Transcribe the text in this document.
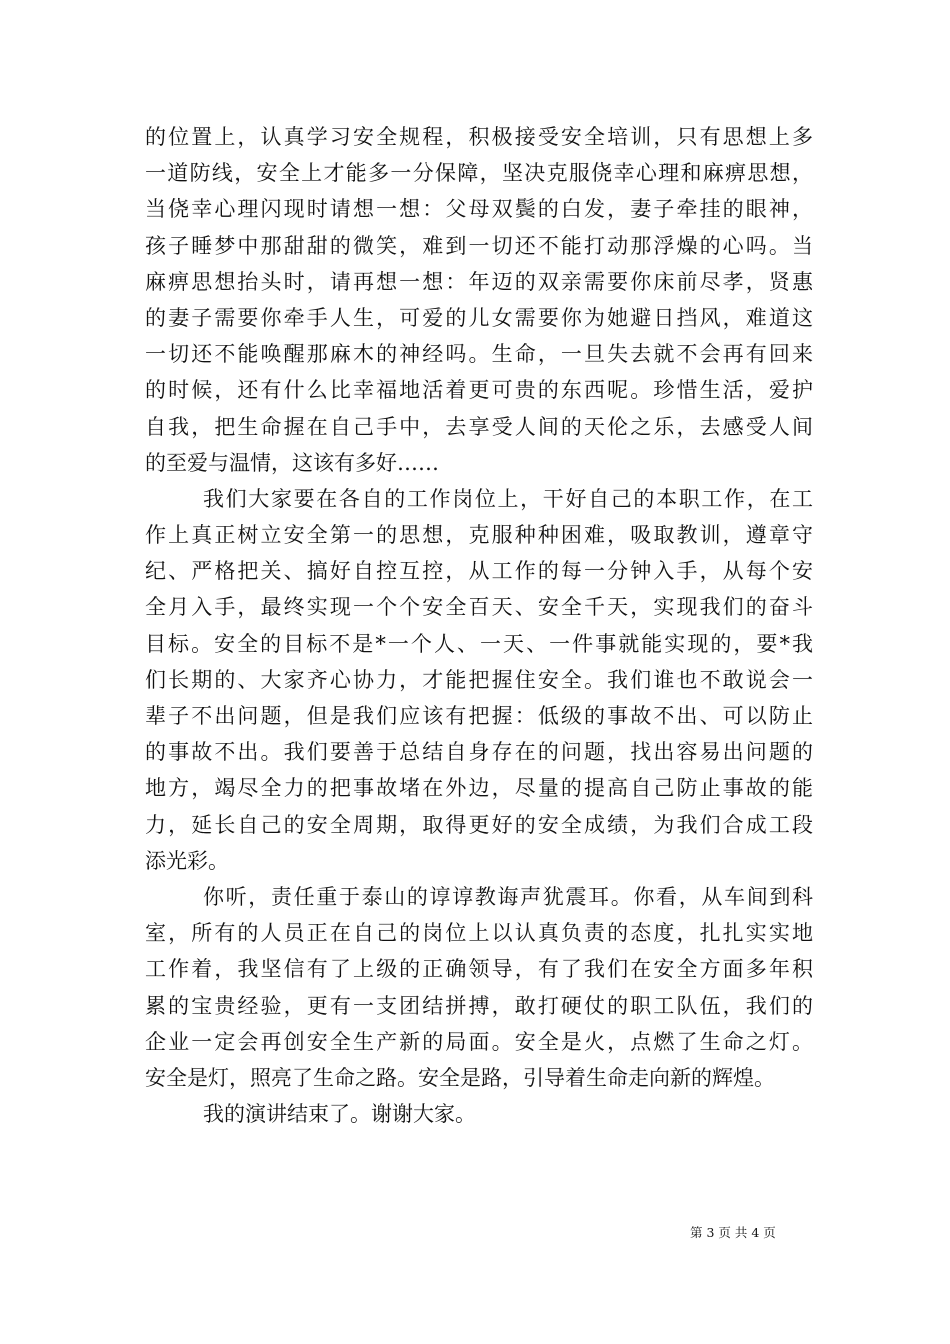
的位置上，认真学习安全规程，积极接受安全培训，只有思想上多
一道防线，安全上才能多一分保障，坚决克服侥幸心理和麻痹思想，
当侥幸心理闪现时请想一想：父母双鬓的白发，妻子牵挂的眼神，
孩子睡梦中那甜甜的微笑，难到一切还不能打动那浮燥的心吗。当
麻痹思想抬头时，请再想一想：年迈的双亲需要你床前尽孝，贤惠
的妻子需要你牵手人生，可爱的儿女需要你为她避日挡风，难道这
一切还不能唤醒那麻木的神经吗。生命，一旦失去就不会再有回来
的时候，还有什么比幸福地活着更可贵的东西呢。珍惜生活，爱护
自我，把生命握在自己手中，去享受人间的天伦之乐，去感受人间
的至爱与温情，这该有多好……
我们大家要在各自的工作岗位上，干好自己的本职工作，在工
作上真正树立安全第一的思想，克服种种困难，吸取教训，遵章守
纪、严格把关、搞好自控互控，从工作的每一分钟入手，从每个安
全月入手，最终实现一个个安全百天、安全千天，实现我们的奋斗
目标。安全的目标不是*一个人、一天、一件事就能实现的，要*我
们长期的、大家齐心协力，才能把握住安全。我们谁也不敢说会一
辈子不出问题，但是我们应该有把握：低级的事故不出、可以防止
的事故不出。我们要善于总结自身存在的问题，找出容易出问题的
地方，竭尽全力的把事故堵在外边，尽量的提高自己防止事故的能
力，延长自己的安全周期，取得更好的安全成绩，为我们合成工段
添光彩。
你听，责任重于泰山的谆谆教诲声犹震耳。你看，从车间到科
室，所有的人员正在自己的岗位上以认真负责的态度，扎扎实实地
工作着，我坚信有了上级的正确领导，有了我们在安全方面多年积
累的宝贵经验，更有一支团结拼搏，敢打硬仗的职工队伍，我们的
企业一定会再创安全生产新的局面。安全是火，点燃了生命之灯。
安全是灯，照亮了生命之路。安全是路，引导着生命走向新的辉煌。
我的演讲结束了。谢谢大家。
第 3 页 共 4 页
